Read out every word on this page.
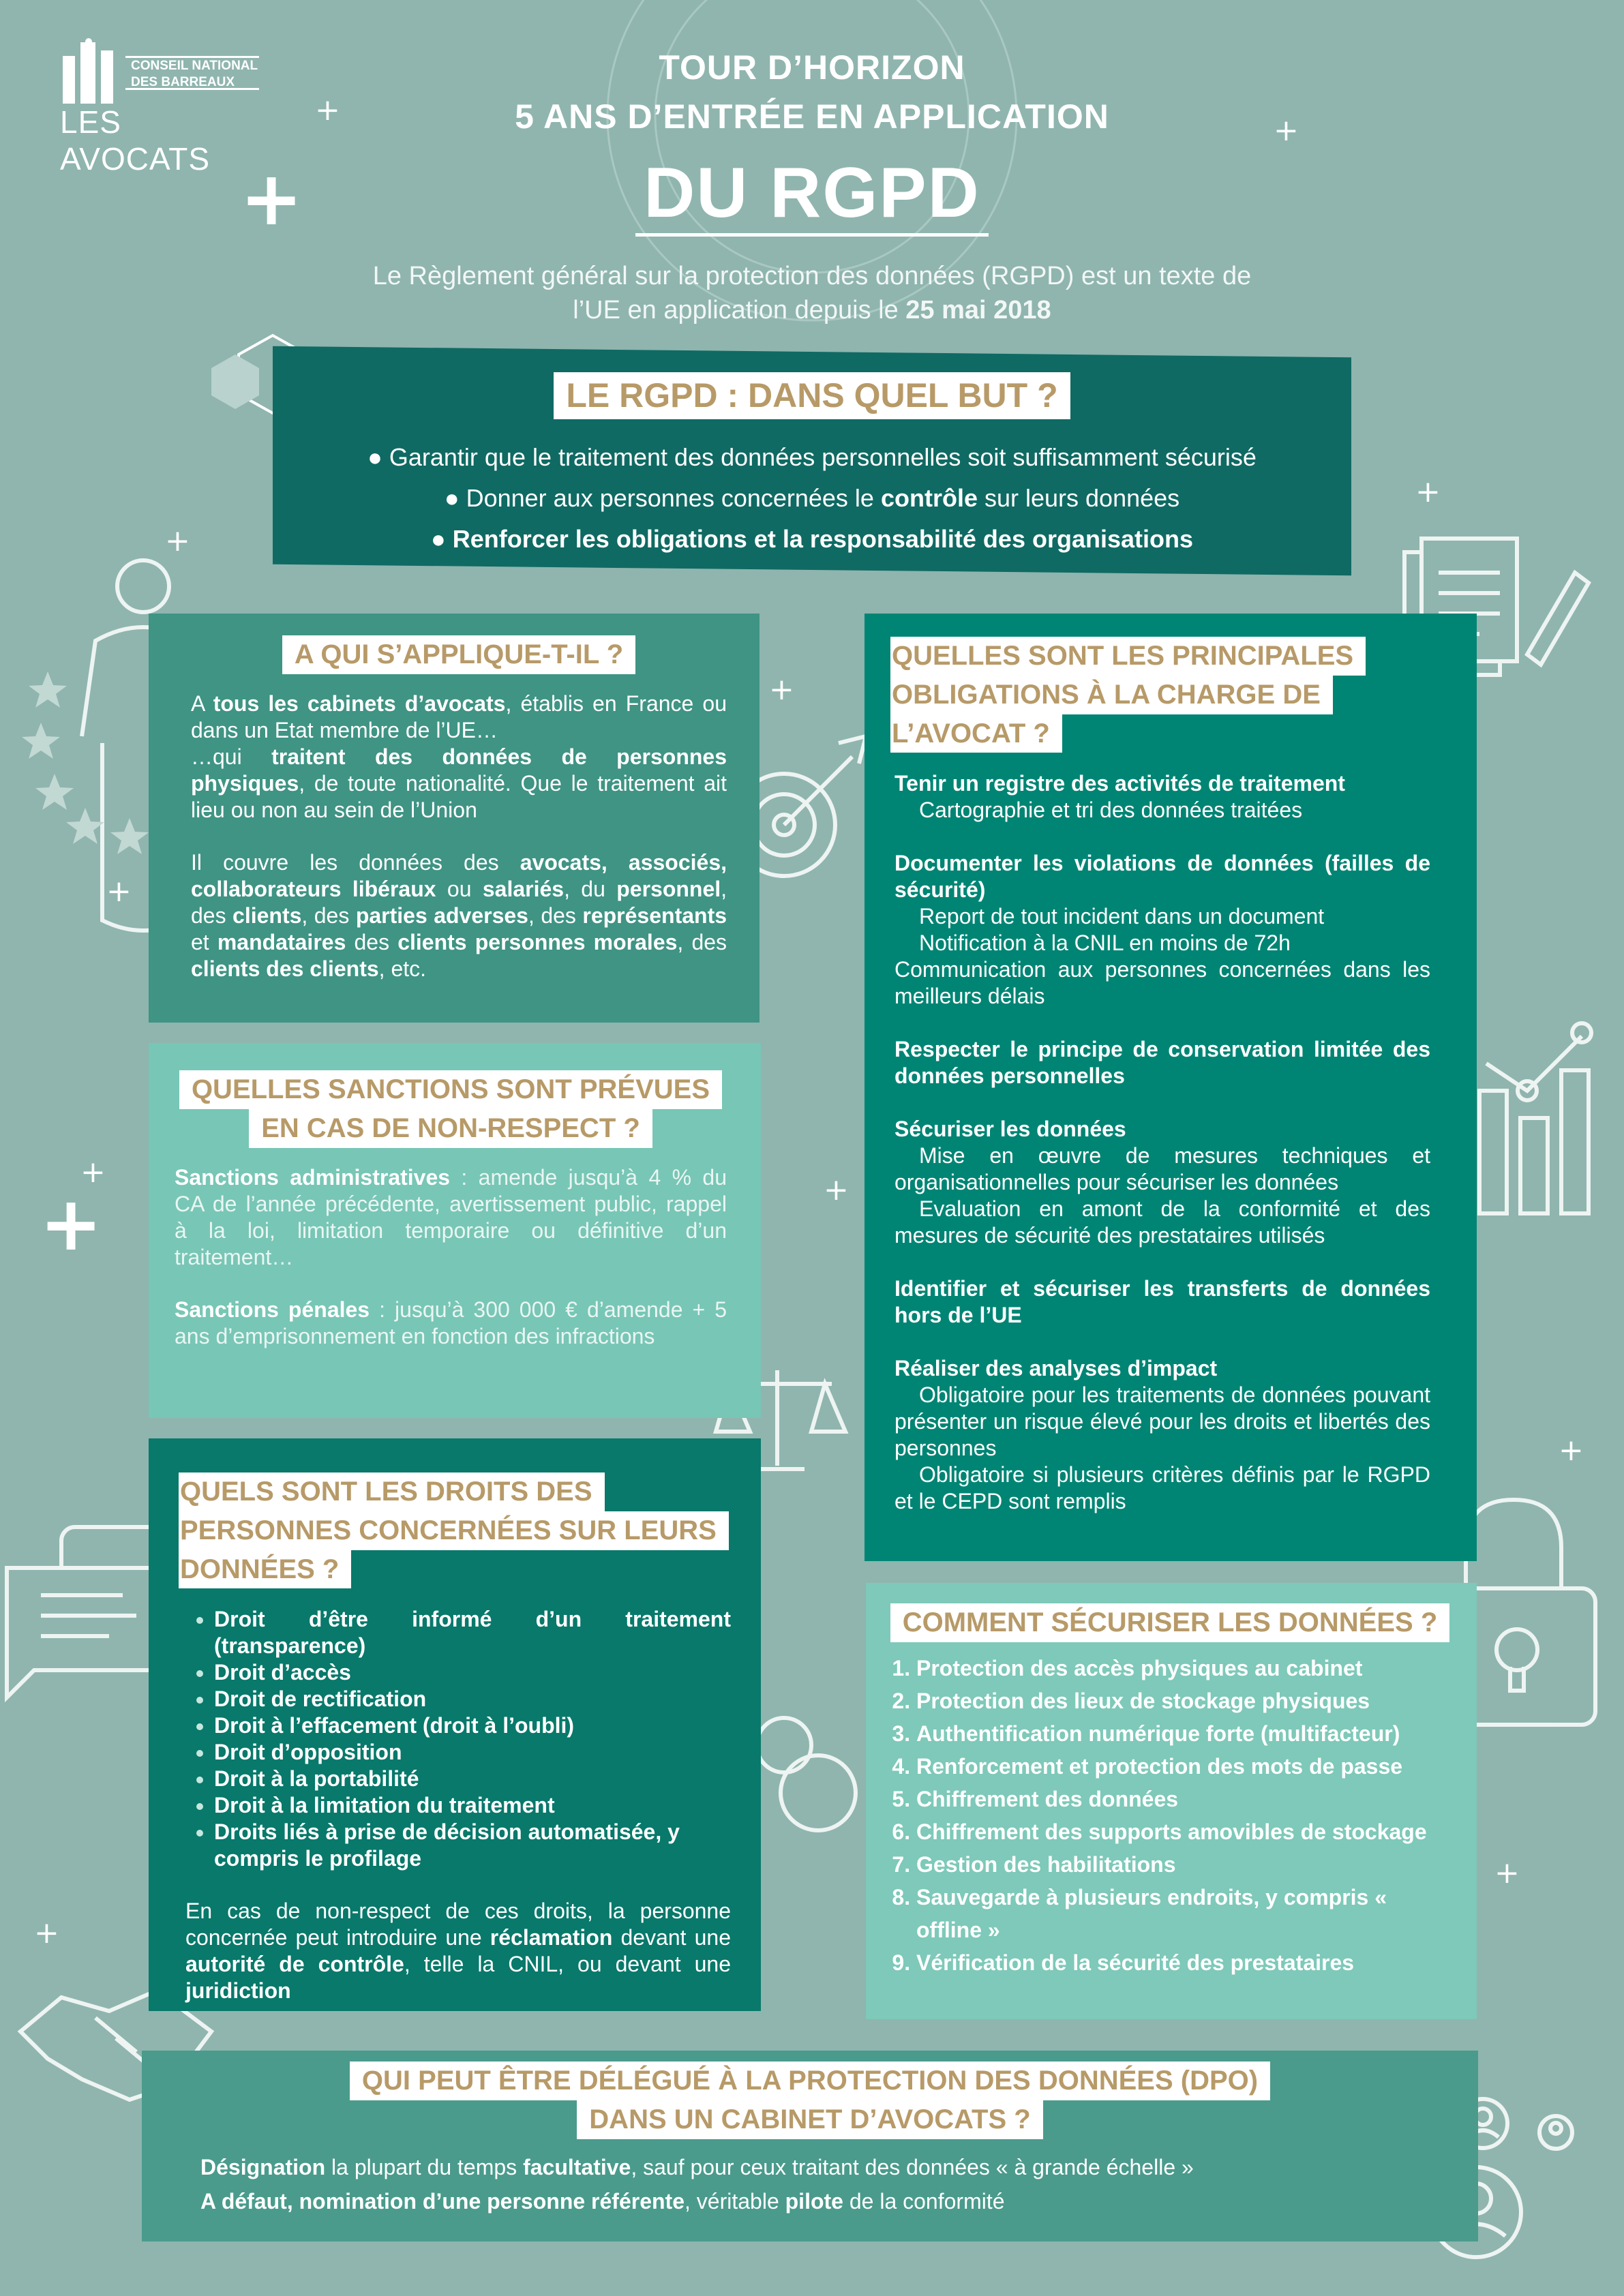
+
+
+
+
+
+
+
+
+	+
+
+
+
CONSEIL NATIONAL
DES BARREAUX
LES AVOCATS
TOUR D’HORIZON
5 ANS D’ENTRÉE EN APPLICATION
DU RGPD
Le Règlement général sur la protection des données (RGPD) est un texte de
l’UE en application depuis le 25 mai 2018
LE RGPD : DANS QUEL BUT ?
● Garantir que le traitement des données personnelles soit suffisamment sécurisé
● Donner aux personnes concernées le contrôle sur leurs données
● Renforcer les obligations et la responsabilité des organisations
A QUI S’APPLIQUE-T-IL ?
A tous les cabinets d’avocats, établis en France ou dans un Etat membre de l’UE…
…qui traitent des données de personnes physiques, de toute nationalité. Que le traitement ait lieu ou non au sein de l’Union
Il couvre les données des avocats, associés, collaborateurs libéraux ou salariés, du personnel, des clients, des parties adverses, des représentants et mandataires des clients personnes morales, des clients des clients, etc.
QUELLES SANCTIONS SONT PRÉVUES
EN CAS DE NON-RESPECT ?
Sanctions administratives : amende jusqu’à 4 % du CA de l’année précédente, avertissement public, rappel à la loi, limitation temporaire ou définitive d’un traitement…
Sanctions pénales : jusqu’à 300 000 € d’amende + 5 ans d’emprisonnement en fonction des infractions
QUELS SONT LES DROITS DES
PERSONNES CONCERNÉES SUR LEURS
DONNÉES ?
• Droit d’être informé d’un traitement (transparence)
• Droit d’accès
• Droit de rectification
• Droit à l’effacement (droit à l’oubli)
• Droit d’opposition
• Droit à la portabilité
• Droit à la limitation du traitement
• Droits liés à prise de décision automatisée, y compris le profilage
En cas de non-respect de ces droits, la personne concernée peut introduire une réclamation devant une autorité de contrôle, telle la CNIL, ou devant une juridiction
QUELLES SONT LES PRINCIPALES
OBLIGATIONS À LA CHARGE DE
L’AVOCAT ?
Tenir un registre des activités de traitement
Cartographie et tri des données traitées
Documenter les violations de données (failles de sécurité)
Report de tout incident dans un document
Notification à la CNIL en moins de 72h
Communication aux personnes concernées dans les meilleurs délais
Respecter le principe de conservation limitée des données personnelles
Sécuriser les données
Mise en œuvre de mesures techniques et organisationnelles pour sécuriser les données
Evaluation en amont de la conformité et des mesures de sécurité des prestataires utilisés
Identifier et sécuriser les transferts de données hors de l’UE
Réaliser des analyses d’impact
Obligatoire pour les traitements de données pouvant présenter un risque élevé pour les droits et libertés des personnes
Obligatoire si plusieurs critères définis par le RGPD et le CEPD sont remplis
COMMENT SÉCURISER LES DONNÉES ?
1. Protection des accès physiques au cabinet
2. Protection des lieux de stockage physiques
3. Authentification numérique forte (multifacteur)
4. Renforcement et protection des mots de passe
5. Chiffrement des données
6. Chiffrement des supports amovibles de stockage
7. Gestion des habilitations
8. Sauvegarde à plusieurs endroits, y compris « offline »
9. Vérification de la sécurité des prestataires
QUI PEUT ÊTRE DÉLÉGUÉ À LA PROTECTION DES DONNÉES (DPO)
DANS UN CABINET D’AVOCATS ?
Désignation la plupart du temps facultative, sauf pour ceux traitant des données « à grande échelle »
A défaut, nomination d’une personne référente, véritable pilote de la conformité
